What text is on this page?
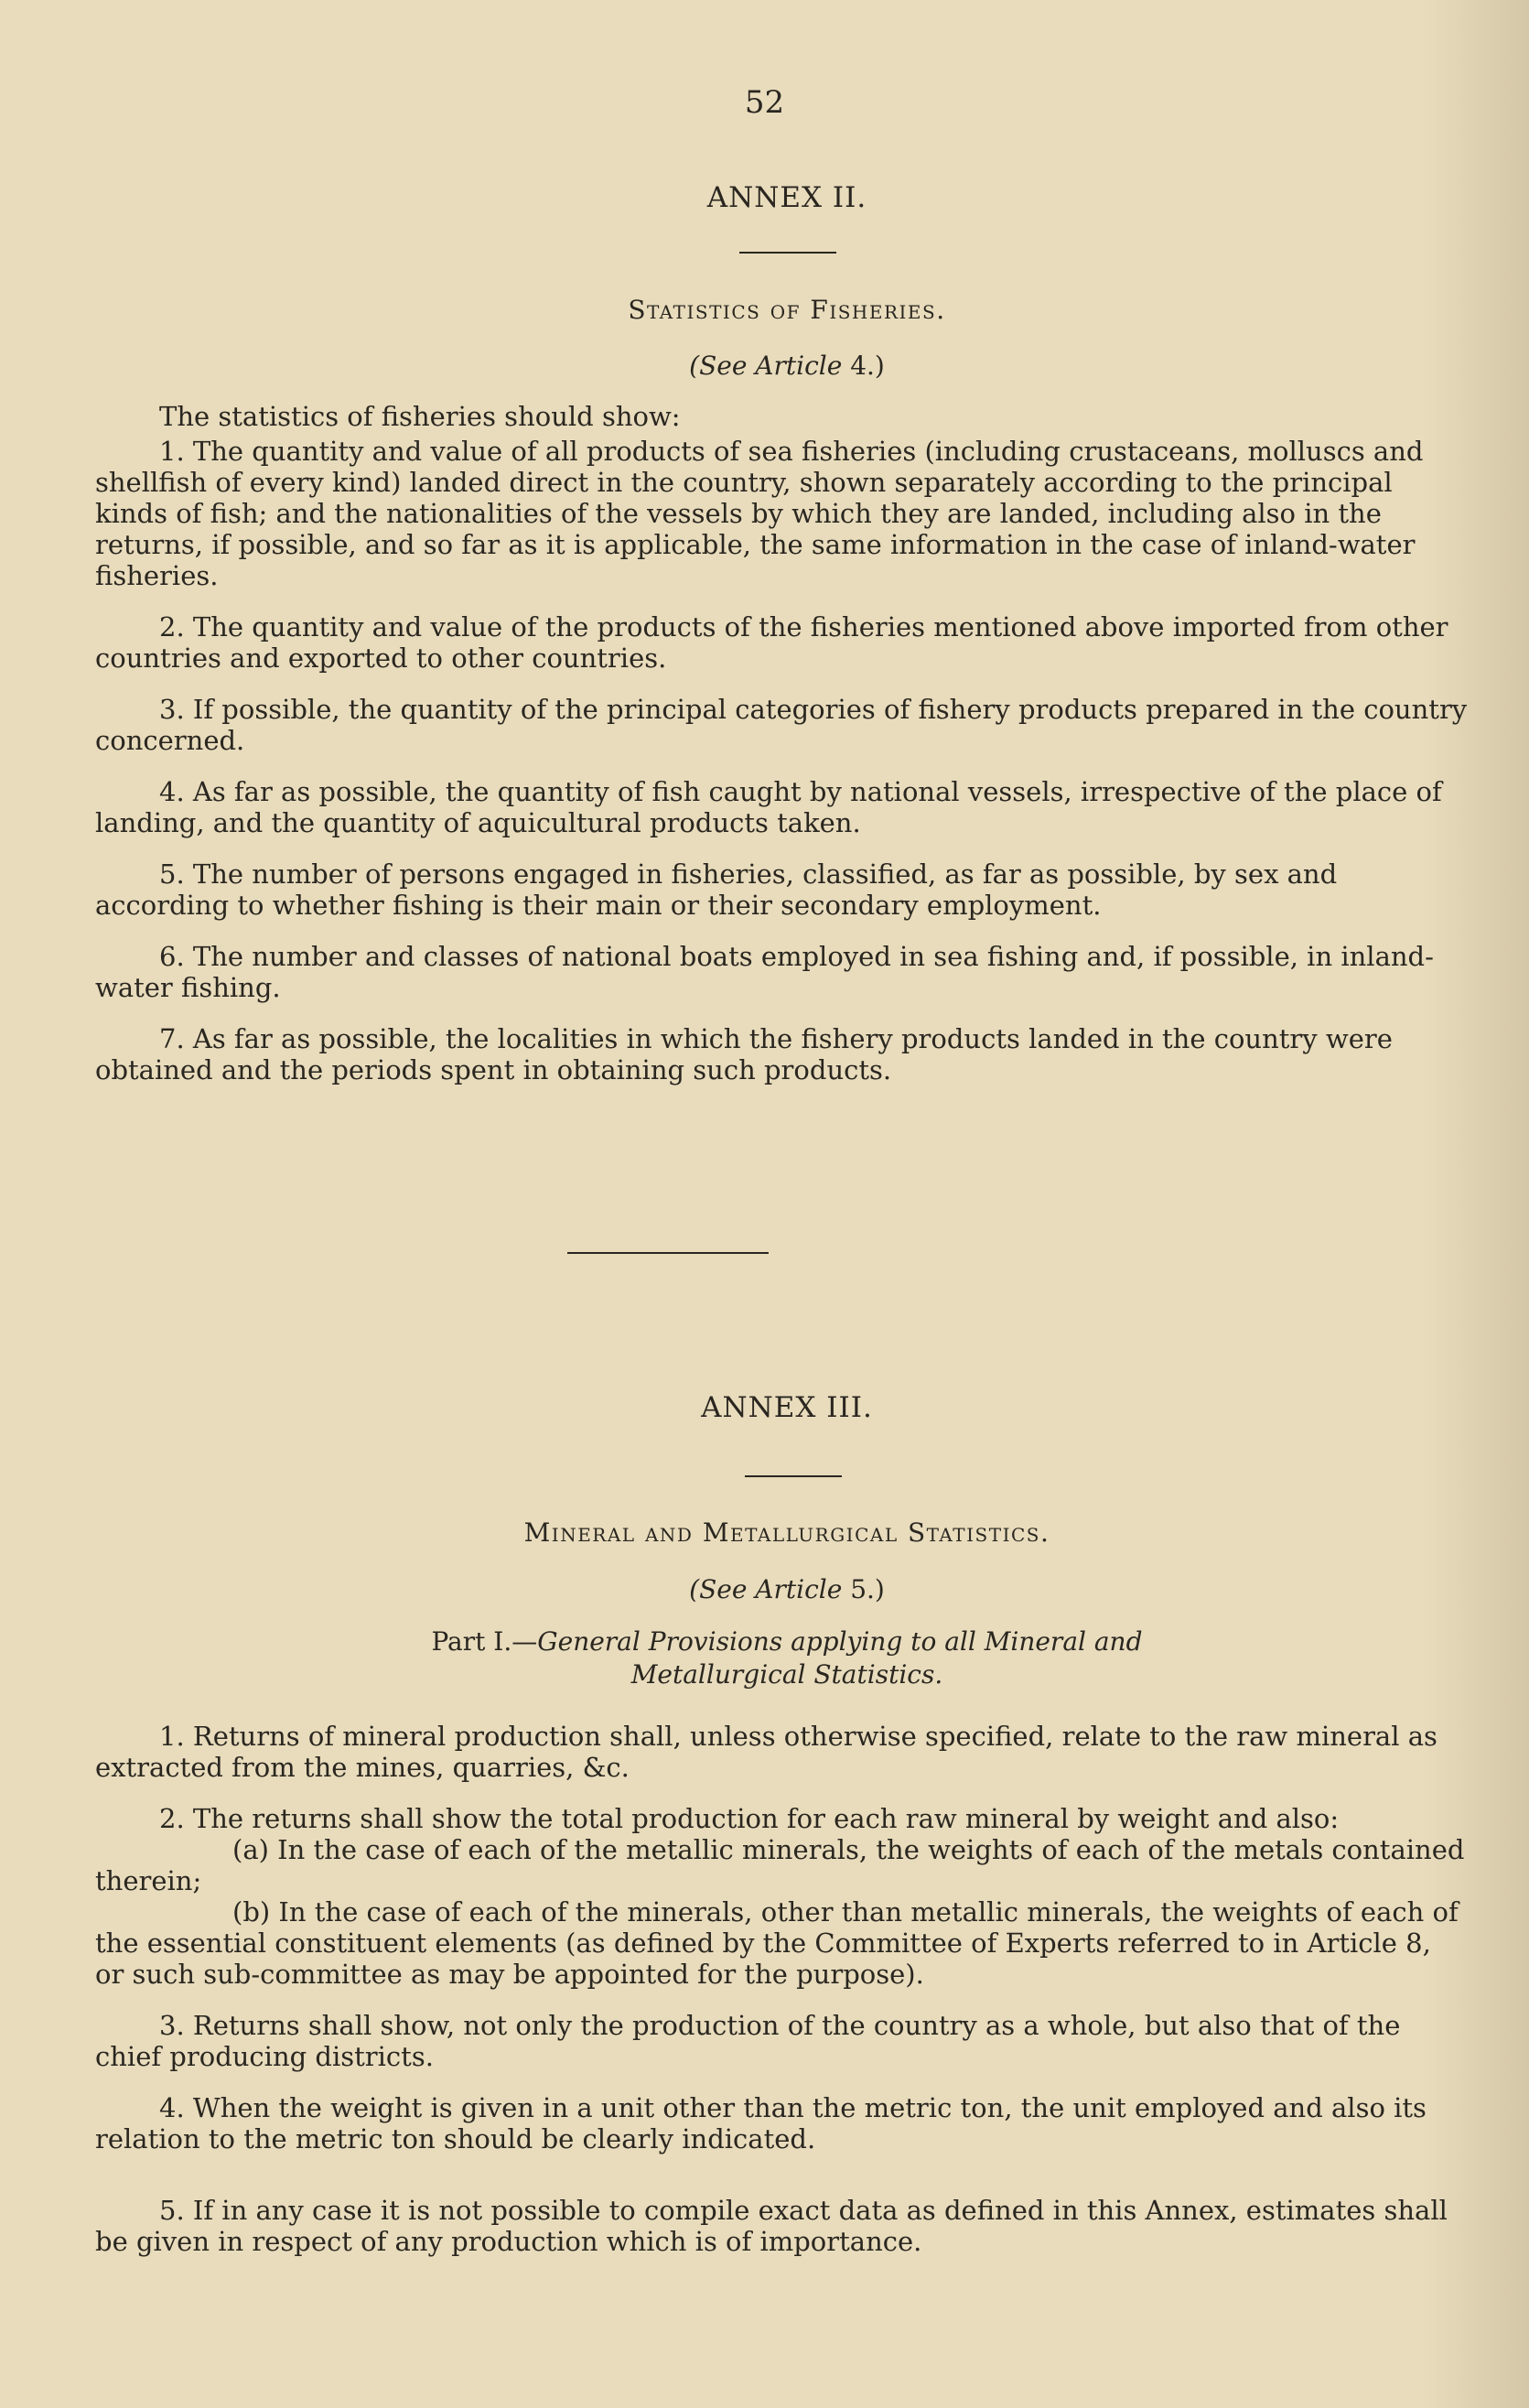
52
ANNEX II.
Statistics of Fisheries.
(See Article 4.)

The statistics of fisheries should show:

1. The quantity and value of all products of sea fisheries (including crustaceans, molluscs and shellfish of every kind) landed direct in the country, shown separately according to the principal kinds of fish; and the nationalities of the vessels by which they are landed, including also in the returns, if possible, and so far as it is applicable, the same information in the case of inland-water fisheries.

2. The quantity and value of the products of the fisheries mentioned above imported from other countries and exported to other countries.

3. If possible, the quantity of the principal categories of fishery products prepared in the country concerned.

4. As far as possible, the quantity of fish caught by national vessels, irrespective of the place of landing, and the quantity of aquicultural products taken.

5. The number of persons engaged in fisheries, classified, as far as possible, by sex and according to whether fishing is their main or their secondary employment.

6. The number and classes of national boats employed in sea fishing and, if possible, in inland-water fishing.

7. As far as possible, the localities in which the fishery products landed in the country were obtained and the periods spent in obtaining such products.

ANNEX III.
Mineral and Metallurgical Statistics.
(See Article 5.)
Part I.—General Provisions applying to all Mineral and
Metallurgical Statistics.

1. Returns of mineral production shall, unless otherwise specified, relate to the raw mineral as extracted from the mines, quarries, &c.

2. The returns shall show the total production for each raw mineral by weight and also:

(a) In the case of each of the metallic minerals, the weights of each of the metals contained therein;

(b) In the case of each of the minerals, other than metallic minerals, the weights of each of the essential constituent elements (as defined by the Committee of Experts referred to in Article 8, or such sub-committee as may be appointed for the purpose).

3. Returns shall show, not only the production of the country as a whole, but also that of the chief producing districts.

4. When the weight is given in a unit other than the metric ton, the unit employed and also its relation to the metric ton should be clearly indicated.

5. If in any case it is not possible to compile exact data as defined in this Annex, estimates shall be given in respect of any production which is of importance.
